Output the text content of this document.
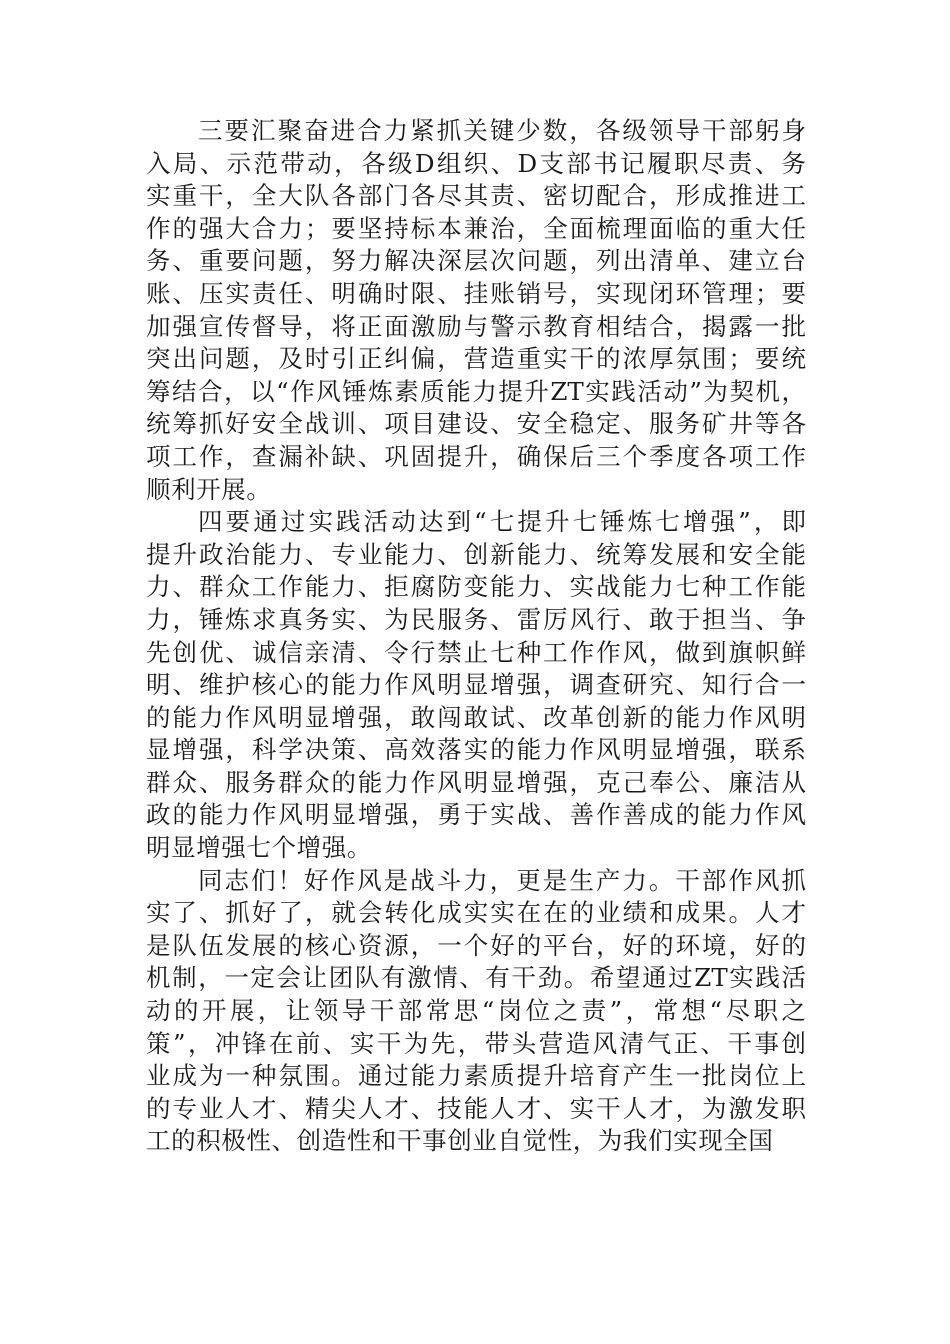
三要汇聚奋进合力紧抓关键少数，各级领导干部躬身
入局、示范带动，各级D组织、D支部书记履职尽责、务
实重干，全大队各部门各尽其责、密切配合，形成推进工
作的强大合力；要坚持标本兼治，全面梳理面临的重大任
务、重要问题，努力解决深层次问题，列出清单、建立台
账、压实责任、明确时限、挂账销号，实现闭环管理；要
加强宣传督导，将正面激励与警示教育相结合，揭露一批
突出问题，及时引正纠偏，营造重实干的浓厚氛围；要统
筹结合，以“作风锤炼素质能力提升ZT实践活动”为契机，
统筹抓好安全战训、项目建设、安全稳定、服务矿井等各
项工作，查漏补缺、巩固提升，确保后三个季度各项工作
顺利开展。
四要通过实践活动达到“七提升七锤炼七增强”，即
提升政治能力、专业能力、创新能力、统筹发展和安全能
力、群众工作能力、拒腐防变能力、实战能力七种工作能
力，锤炼求真务实、为民服务、雷厉风行、敢于担当、争
先创优、诚信亲清、令行禁止七种工作作风，做到旗帜鲜
明、维护核心的能力作风明显增强，调查研究、知行合一
的能力作风明显增强，敢闯敢试、改革创新的能力作风明
显增强，科学决策、高效落实的能力作风明显增强，联系
群众、服务群众的能力作风明显增强，克己奉公、廉洁从
政的能力作风明显增强，勇于实战、善作善成的能力作风
明显增强七个增强。
同志们！好作风是战斗力，更是生产力。干部作风抓
实了、抓好了，就会转化成实实在在的业绩和成果。人才
是队伍发展的核心资源，一个好的平台，好的环境，好的
机制，一定会让团队有激情、有干劲。希望通过ZT实践活
动的开展，让领导干部常思“岗位之责”，常想“尽职之
策”，冲锋在前、实干为先，带头营造风清气正、干事创
业成为一种氛围。通过能力素质提升培育产生一批岗位上
的专业人才、精尖人才、技能人才、实干人才，为激发职
工的积极性、创造性和干事创业自觉性，为我们实现全国
